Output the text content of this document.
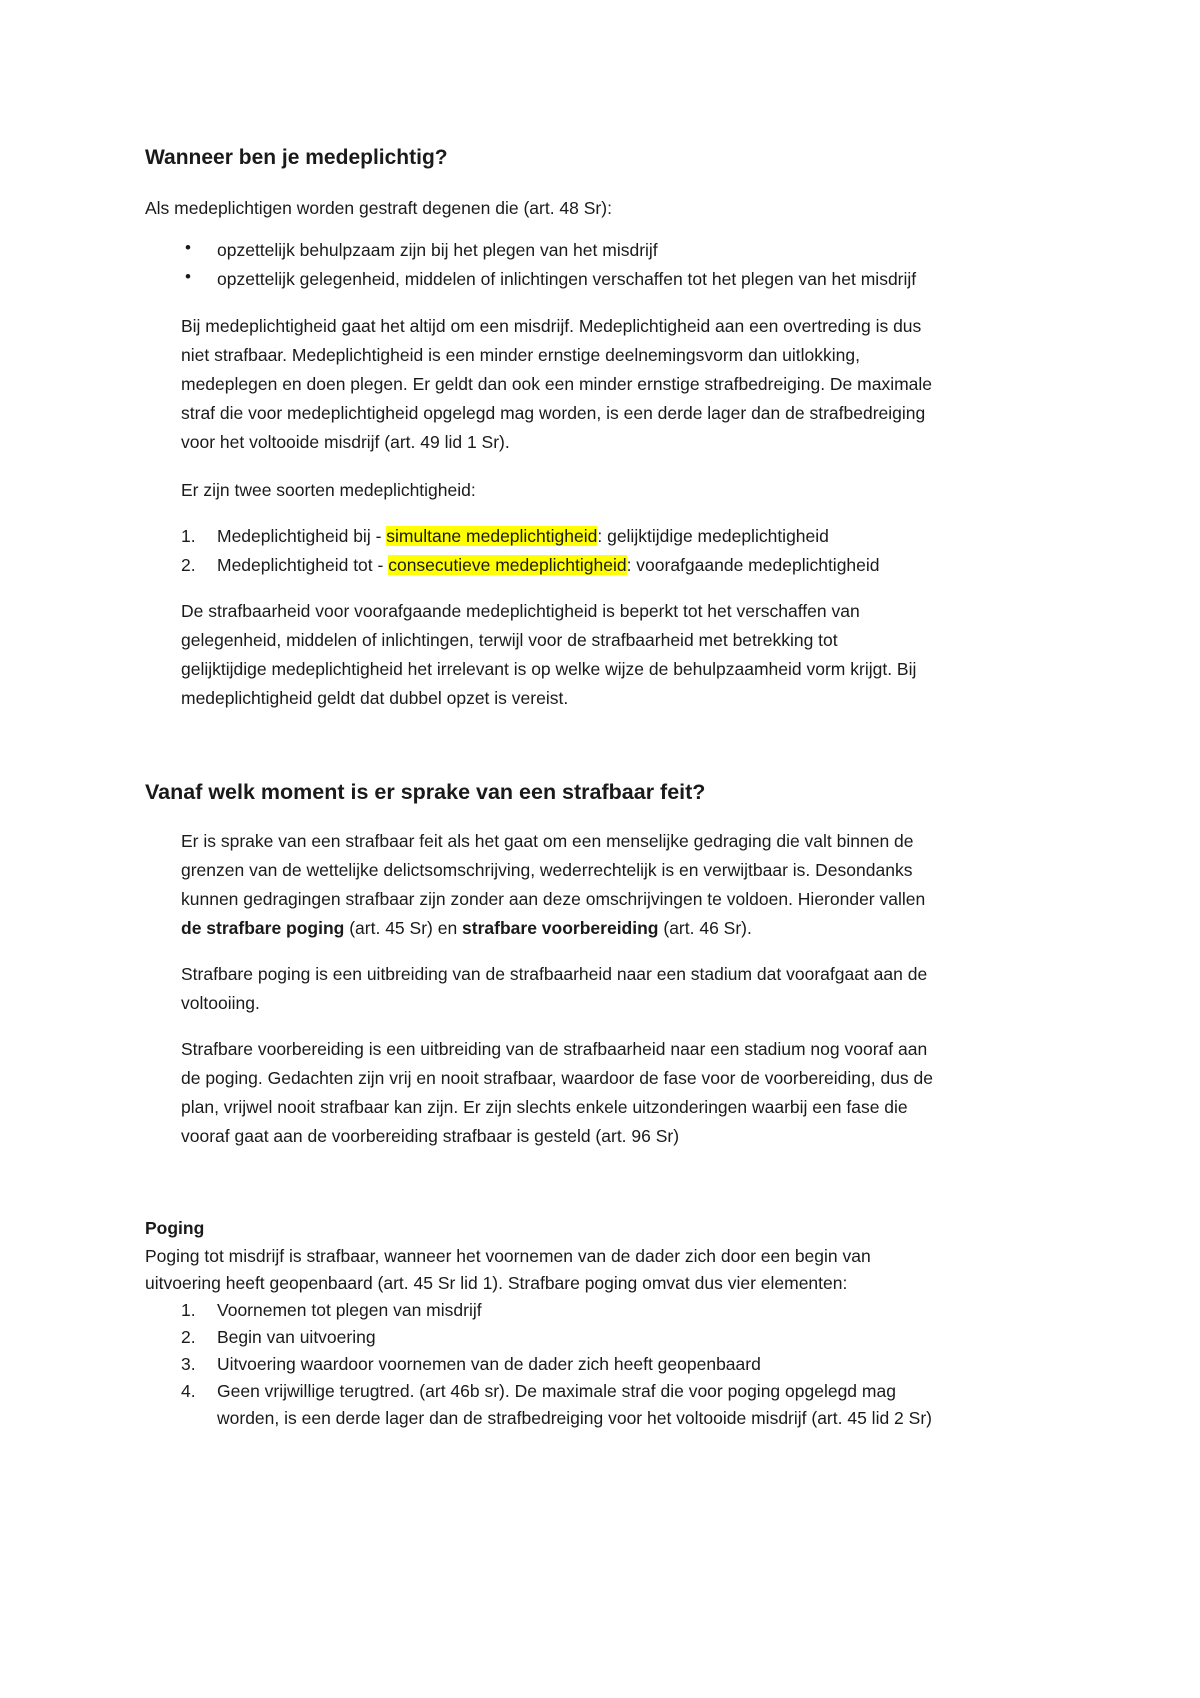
Wanneer ben je medeplichtig?
Als medeplichtigen worden gestraft degenen die (art. 48 Sr):
• opzettelijk behulpzaam zijn bij het plegen van het misdrijf
• opzettelijk gelegenheid, middelen of inlichtingen verschaffen tot het plegen van het misdrijf
Bij medeplichtigheid gaat het altijd om een misdrijf. Medeplichtigheid aan een overtreding is dus
niet strafbaar. Medeplichtigheid is een minder ernstige deelnemingsvorm dan uitlokking,
medeplegen en doen plegen. Er geldt dan ook een minder ernstige strafbedreiging. De maximale
straf die voor medeplichtigheid opgelegd mag worden, is een derde lager dan de strafbedreiging
voor het voltooide misdrijf (art. 49 lid 1 Sr).
Er zijn twee soorten medeplichtigheid:
1. Medeplichtigheid bij - simultane medeplichtigheid: gelijktijdige medeplichtigheid
2. Medeplichtigheid tot - consecutieve medeplichtigheid: voorafgaande medeplichtigheid
De strafbaarheid voor voorafgaande medeplichtigheid is beperkt tot het verschaffen van
gelegenheid, middelen of inlichtingen, terwijl voor de strafbaarheid met betrekking tot
gelijktijdige medeplichtigheid het irrelevant is op welke wijze de behulpzaamheid vorm krijgt. Bij
medeplichtigheid geldt dat dubbel opzet is vereist.
Vanaf welk moment is er sprake van een strafbaar feit?
Er is sprake van een strafbaar feit als het gaat om een menselijke gedraging die valt binnen de
grenzen van de wettelijke delictsomschrijving, wederrechtelijk is en verwijtbaar is. Desondanks
kunnen gedragingen strafbaar zijn zonder aan deze omschrijvingen te voldoen. Hieronder vallen
de strafbare poging (art. 45 Sr) en strafbare voorbereiding (art. 46 Sr).
Strafbare poging is een uitbreiding van de strafbaarheid naar een stadium dat voorafgaat aan de
voltooiing.
Strafbare voorbereiding is een uitbreiding van de strafbaarheid naar een stadium nog vooraf aan
de poging. Gedachten zijn vrij en nooit strafbaar, waardoor de fase voor de voorbereiding, dus de
plan, vrijwel nooit strafbaar kan zijn. Er zijn slechts enkele uitzonderingen waarbij een fase die
vooraf gaat aan de voorbereiding strafbaar is gesteld (art. 96 Sr)
Poging
Poging tot misdrijf is strafbaar, wanneer het voornemen van de dader zich door een begin van
uitvoering heeft geopenbaard (art. 45 Sr lid 1). Strafbare poging omvat dus vier elementen:
1. Voornemen tot plegen van misdrijf
2. Begin van uitvoering
3. Uitvoering waardoor voornemen van de dader zich heeft geopenbaard
4. Geen vrijwillige terugtred. (art 46b sr). De maximale straf die voor poging opgelegd mag
worden, is een derde lager dan de strafbedreiging voor het voltooide misdrijf (art. 45 lid 2 Sr)
